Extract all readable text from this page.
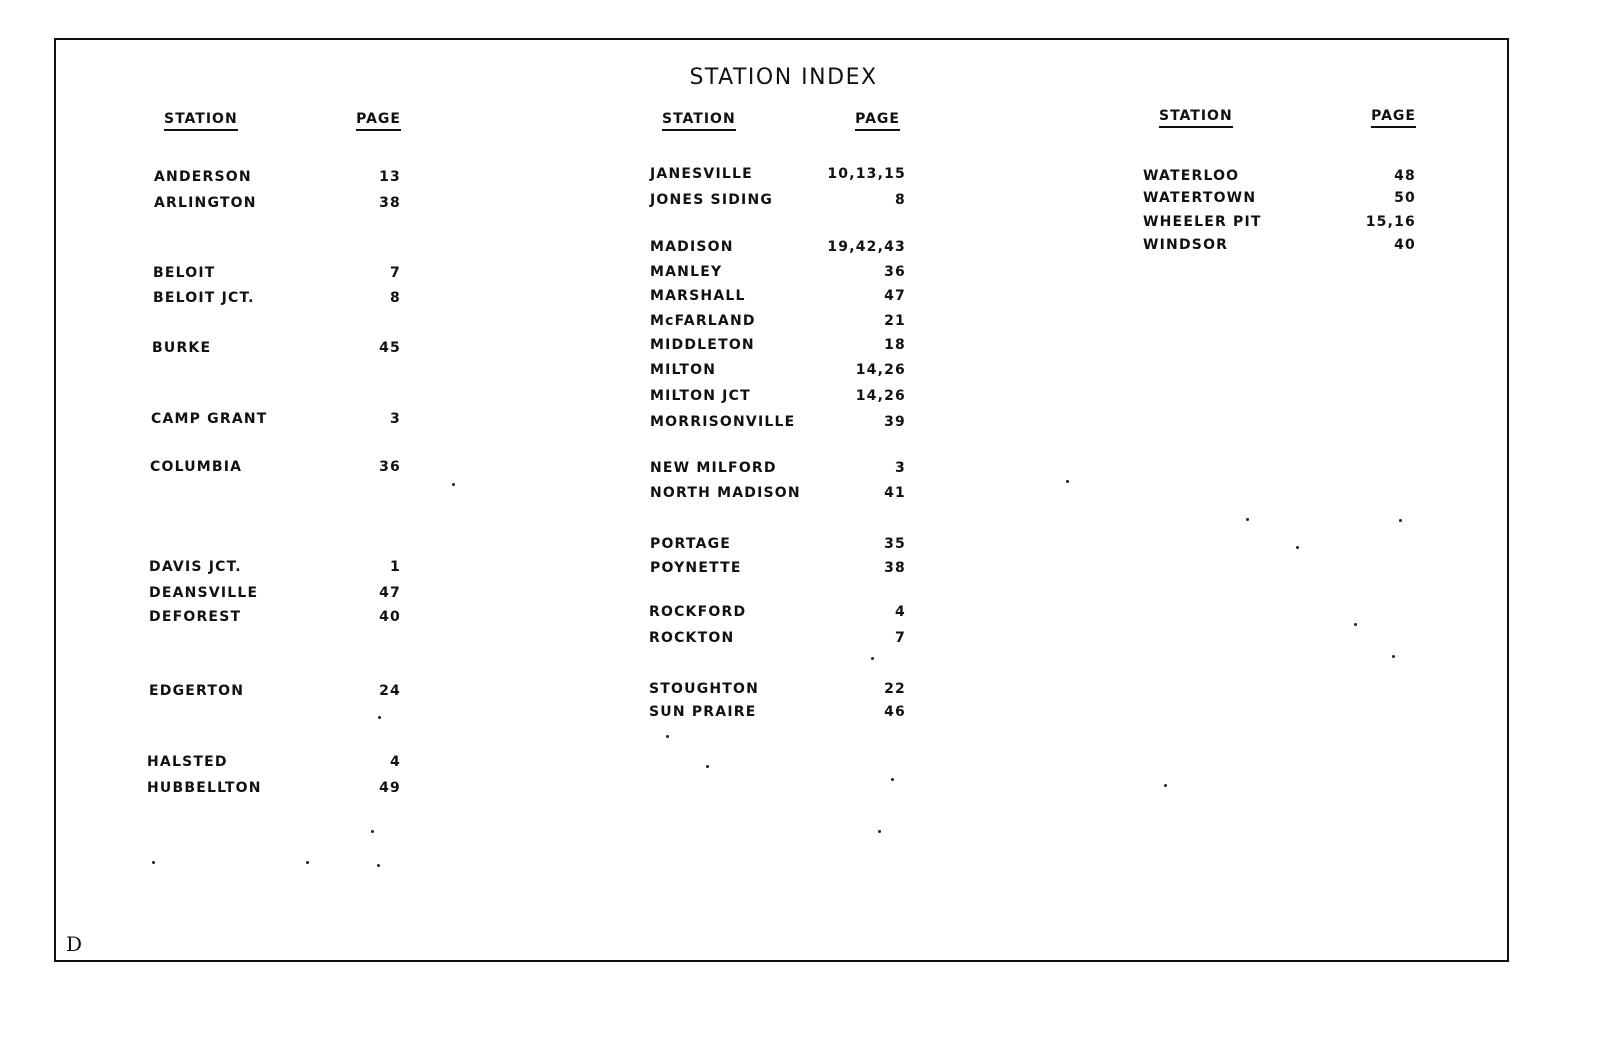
STATION INDEX
STATION	PAGE
ANDERSON	13
ARLINGTON	38
BELOIT	7
BELOIT JCT.	8
BURKE	45
CAMP GRANT	3
COLUMBIA	36
DAVIS JCT.	1
DEANSVILLE	47
DEFOREST	40
EDGERTON	24
HALSTED	4
HUBBELLTON	49
STATION	PAGE
JANESVILLE	10,13,15
JONES SIDING	8
MADISON	19,42,43
MANLEY	36
MARSHALL	47
McFARLAND	21
MIDDLETON	18
MILTON	14,26
MILTON JCT	14,26
MORRISONVILLE	39
NEW MILFORD	3
NORTH MADISON	41
PORTAGE	35
POYNETTE	38
ROCKFORD	4
ROCKTON	7
STOUGHTON	22
SUN PRAIRE	46
STATION	PAGE
WATERLOO	48
WATERTOWN	50
WHEELER PIT	15,16
WINDSOR	40
D
